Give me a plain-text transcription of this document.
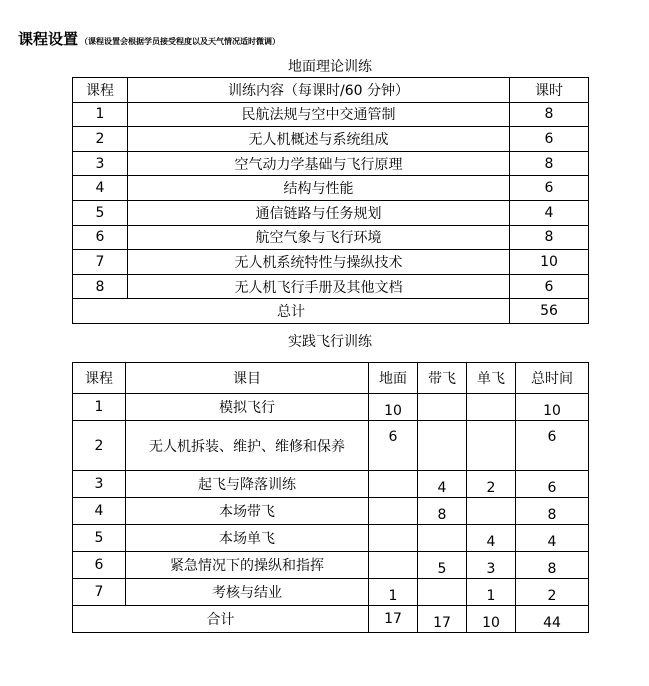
课程设置 （课程设置会根据学员接受程度以及天气情况适时微调）
地面理论训练
课程	训练内容（每课时/60 分钟）	课时
1	民航法规与空中交通管制	8
2	无人机概述与系统组成	6
3	空气动力学基础与飞行原理	8
4	结构与性能	6
5	通信链路与任务规划	4
6	航空气象与飞行环境	8
7	无人机系统特性与操纵技术	10
8	无人机飞行手册及其他文档	6
总计		56
实践飞行训练
课程	课目	地面	带飞	单飞	总时间
1	模拟飞行	10			10
2	无人机拆装、维护、维修和保养	6			6
3	起飞与降落训练		4	2	6
4	本场带飞		8		8
5	本场单飞			4	4
6	紧急情况下的操纵和指挥		5	3	8
7	考核与结业	1		1	2
合计		17	17	10	44
